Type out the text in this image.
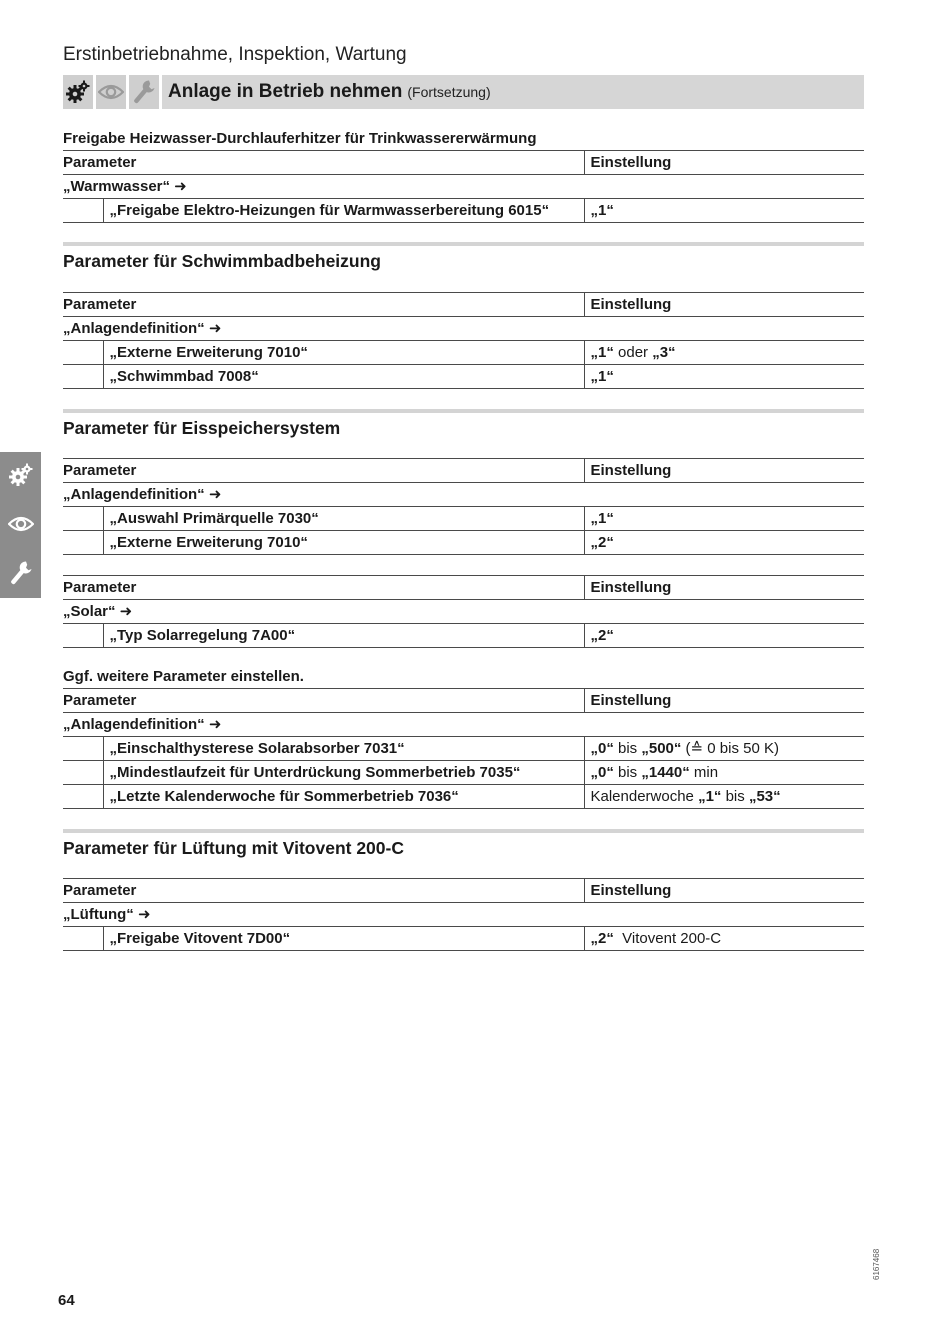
Erstinbetriebnahme, Inspektion, Wartung
Anlage in Betrieb nehmen (Fortsetzung)
Freigabe Heizwasser-Durchlauferhitzer für Trinkwassererwärmung
Parameter		Einstellung
„Warmwasser“ ➜		
	„Freigabe Elektro-Heizungen für Warmwasserbereitung 6015“	„1“
Parameter für Schwimmbadbeheizung
Parameter		Einstellung
„Anlagendefinition“ ➜		
	„Externe Erweiterung 7010“	„1“ oder „3“
	„Schwimmbad 7008“	„1“
Parameter für Eisspeichersystem
Parameter		Einstellung
„Anlagendefinition“ ➜		
	„Auswahl Primärquelle 7030“	„1“
	„Externe Erweiterung 7010“	„2“
Parameter		Einstellung
„Solar“ ➜		
	„Typ Solarregelung 7A00“	„2“
Ggf. weitere Parameter einstellen.
Parameter		Einstellung
„Anlagendefinition“ ➜		
	„Einschalthysterese Solarabsorber 7031“	„0“ bis „500“ (≙ 0 bis 50 K)
	„Mindestlaufzeit für Unterdrückung Sommerbetrieb 7035“	„0“ bis „1440“ min
	„Letzte Kalenderwoche für Sommerbetrieb 7036“	Kalenderwoche „1“ bis „53“
Parameter für Lüftung mit Vitovent 200-C
Parameter		Einstellung
„Lüftung“ ➜		
	„Freigabe Vitovent 7D00“	„2“  Vitovent 200-C
64
6167468
